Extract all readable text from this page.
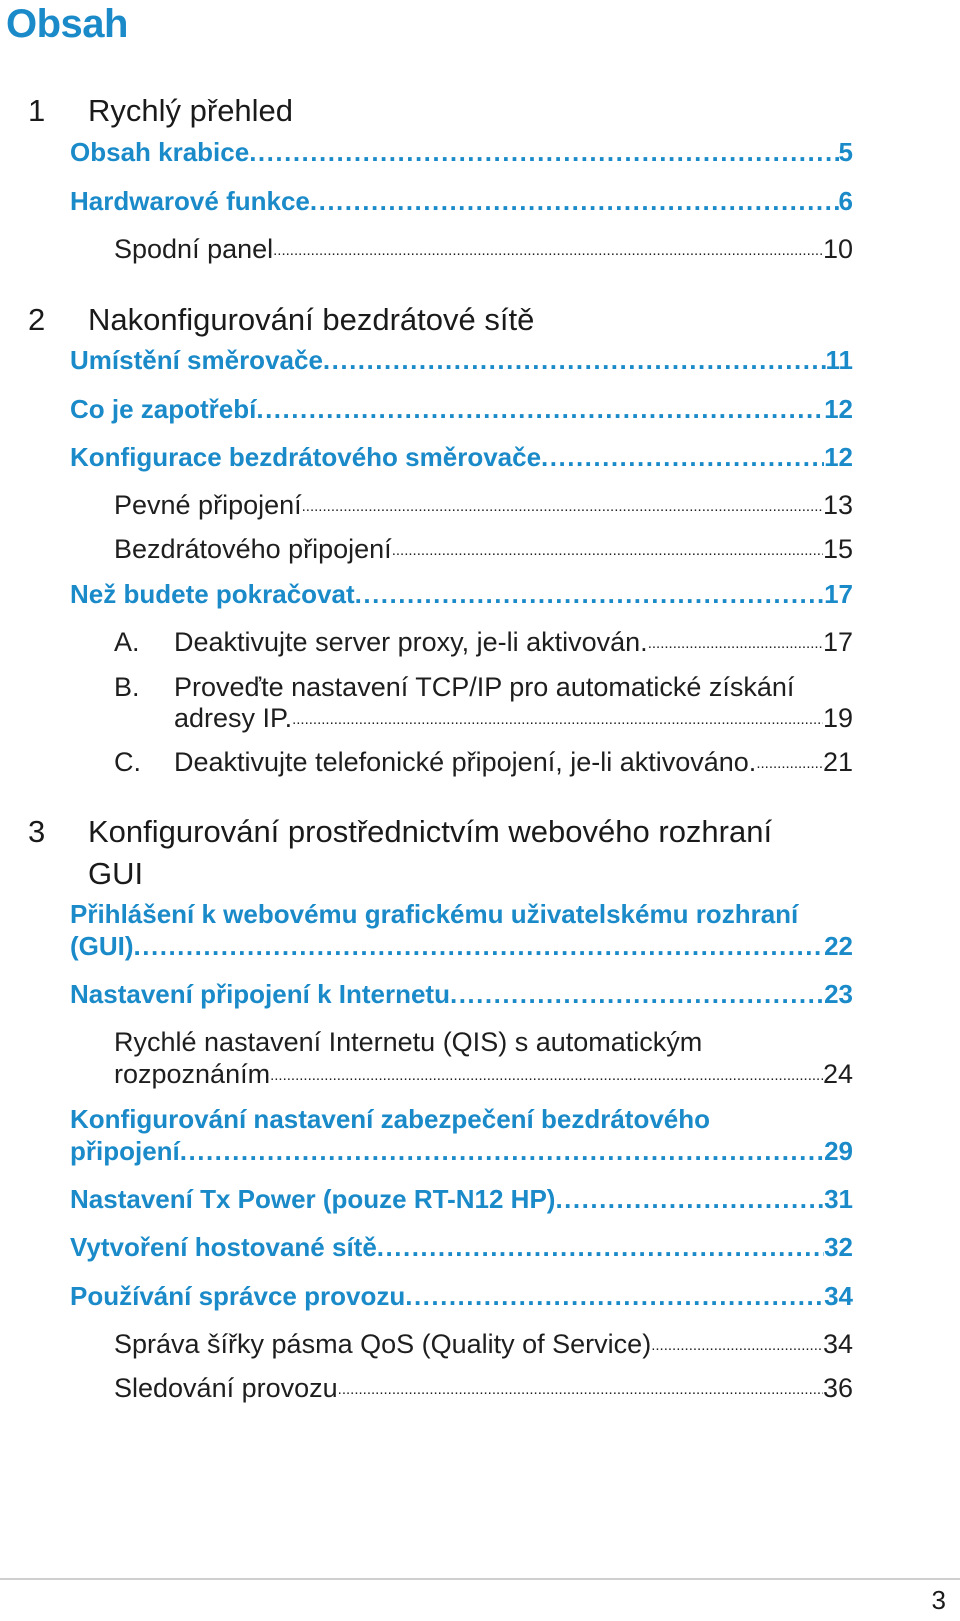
Obsah
1 Rychlý přehled
Obsah krabice .....	5
Hardwarové funkce .....	6
Spodní panel .....	10
2 Nakonfigurování bezdrátové sítě
Umístění směrovače .....	11
Co je zapotřebí .....	12
Konfigurace bezdrátového směrovače .....	12
Pevné připojení .....	13
Bezdrátového připojení .....	15
Než budete pokračovat .....	17
A. Deaktivujte server proxy, je-li aktivován. .....	17
B. Proveďte nastavení TCP/IP pro automatické získání
adresy IP. .....	19
C. Deaktivujte telefonické připojení, je-li aktivováno. ..... 21
3 Konfigurování prostřednictvím webového rozhraní
GUI
Přihlášení k webovému grafickému uživatelskému rozhraní
(GUI) .....	22
Nastavení připojení k Internetu .....	23
Rychlé nastavení Internetu (QIS) s automatickým
rozpoznáním .....	24
Konfigurování nastavení zabezpečení bezdrátového
připojení .....	29
Nastavení Tx Power (pouze RT-N12 HP) .....	31
Vytvoření hostované sítě .....	32
Používání správce provozu .....	34
Správa šířky pásma QoS (Quality of Service) .....	34
Sledování provozu .....	36
3
